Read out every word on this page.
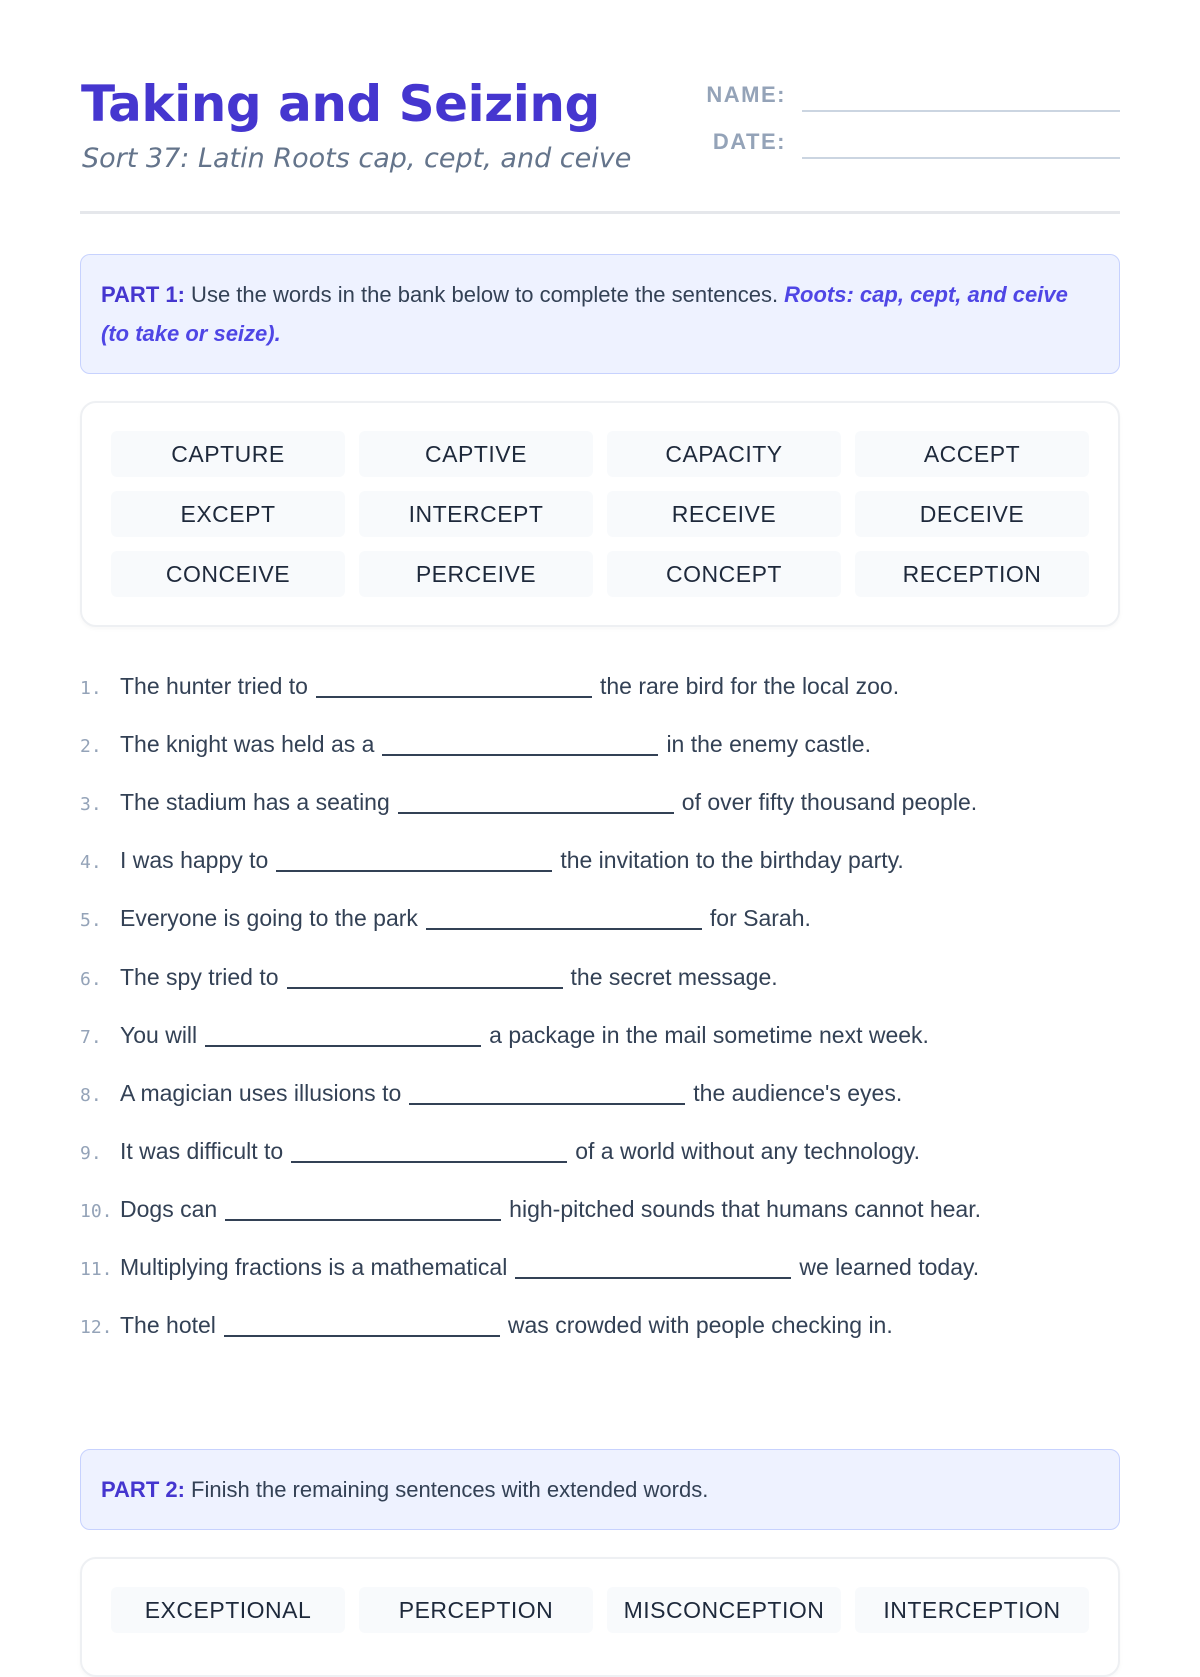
Taking and Seizing
Sort 37: Latin Roots cap, cept, and ceive
NAME:
DATE:
PART 1: Use the words in the bank below to complete the sentences. Roots: cap, cept, and ceive (to take or seize).
CAPTURE	CAPTIVE	CAPACITY	ACCEPT
EXCEPT	INTERCEPT	RECEIVE	DECEIVE
CONCEIVE	PERCEIVE	CONCEPT	RECEPTION
1. The hunter tried to	the rare bird for the local zoo.
2. The knight was held as a	in the enemy castle.
3. The stadium has a seating	of over fifty thousand people.
4. I was happy to	the invitation to the birthday party.
5. Everyone is going to the park	for Sarah.
6. The spy tried to	the secret message.
7. You will	a package in the mail sometime next week.
8. A magician uses illusions to	the audience's eyes.
9. It was difficult to	of a world without any technology.
10. Dogs can	high-pitched sounds that humans cannot hear.
11. Multiplying fractions is a mathematical	we learned today.
12. The hotel	was crowded with people checking in.
PART 2: Finish the remaining sentences with extended words.
EXCEPTIONAL	PERCEPTION	MISCONCEPTION	INTERCEPTION
